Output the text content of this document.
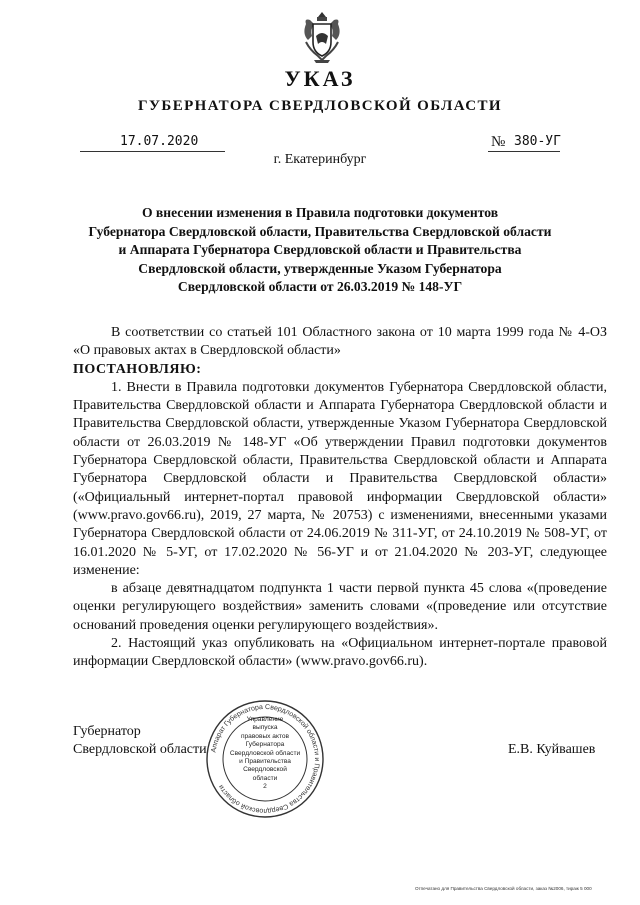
УКАЗ
ГУБЕРНАТОРА СВЕРДЛОВСКОЙ ОБЛАСТИ
17.07.2020	№ 380-УГ
г. Екатеринбург
О внесении изменения в Правила подготовки документов
Губернатора Свердловской области, Правительства Свердловской области
и Аппарата Губернатора Свердловской области и Правительства
Свердловской области, утвержденные Указом Губернатора
Свердловской области от 26.03.2019 № 148-УГ

В соответствии со статьей 101 Областного закона от 10 марта 1999 года № 4-ОЗ «О правовых актах в Свердловской области»

ПОСТАНОВЛЯЮ:

1. Внести в Правила подготовки документов Губернатора Свердловской области, Правительства Свердловской области и Аппарата Губернатора Свердловской области и Правительства Свердловской области, утвержденные Указом Губернатора Свердловской области от 26.03.2019 № 148-УГ «Об утверждении Правил подготовки документов Губернатора Свердловской области, Правительства Свердловской области и Аппарата Губернатора Свердловской области и Правительства Свердловской области» («Официальный интернет-портал правовой информации Свердловской области» (www.pravo.gov66.ru), 2019, 27 марта, № 20753) с изменениями, внесенными указами Губернатора Свердловской области от 24.06.2019 № 311-УГ, от 24.10.2019 № 508-УГ, от 16.01.2020 № 5-УГ, от 17.02.2020 № 56-УГ и от 21.04.2020 № 203-УГ, следующее изменение:

в абзаце девятнадцатом подпункта 1 части первой пункта 45 слова «(проведение оценки регулирующего воздействия» заменить словами «(проведение или отсутствие оснований проведения оценки регулирующего воздействия».

2. Настоящий указ опубликовать на «Официальном интернет-портале правовой информации Свердловской области» (www.pravo.gov66.ru).

Губернатор
Свердловской области	Е.В. Куйвашев
Аппарат Губернатора Свердловской области и Правительства Свердловской области
Управление
выпуска
правовых актов
Губернатора
Свердловской области
и Правительства
Свердловской
области
2
Отпечатано для Правительства Свердловской области, заказ №2006, тираж 5 000
